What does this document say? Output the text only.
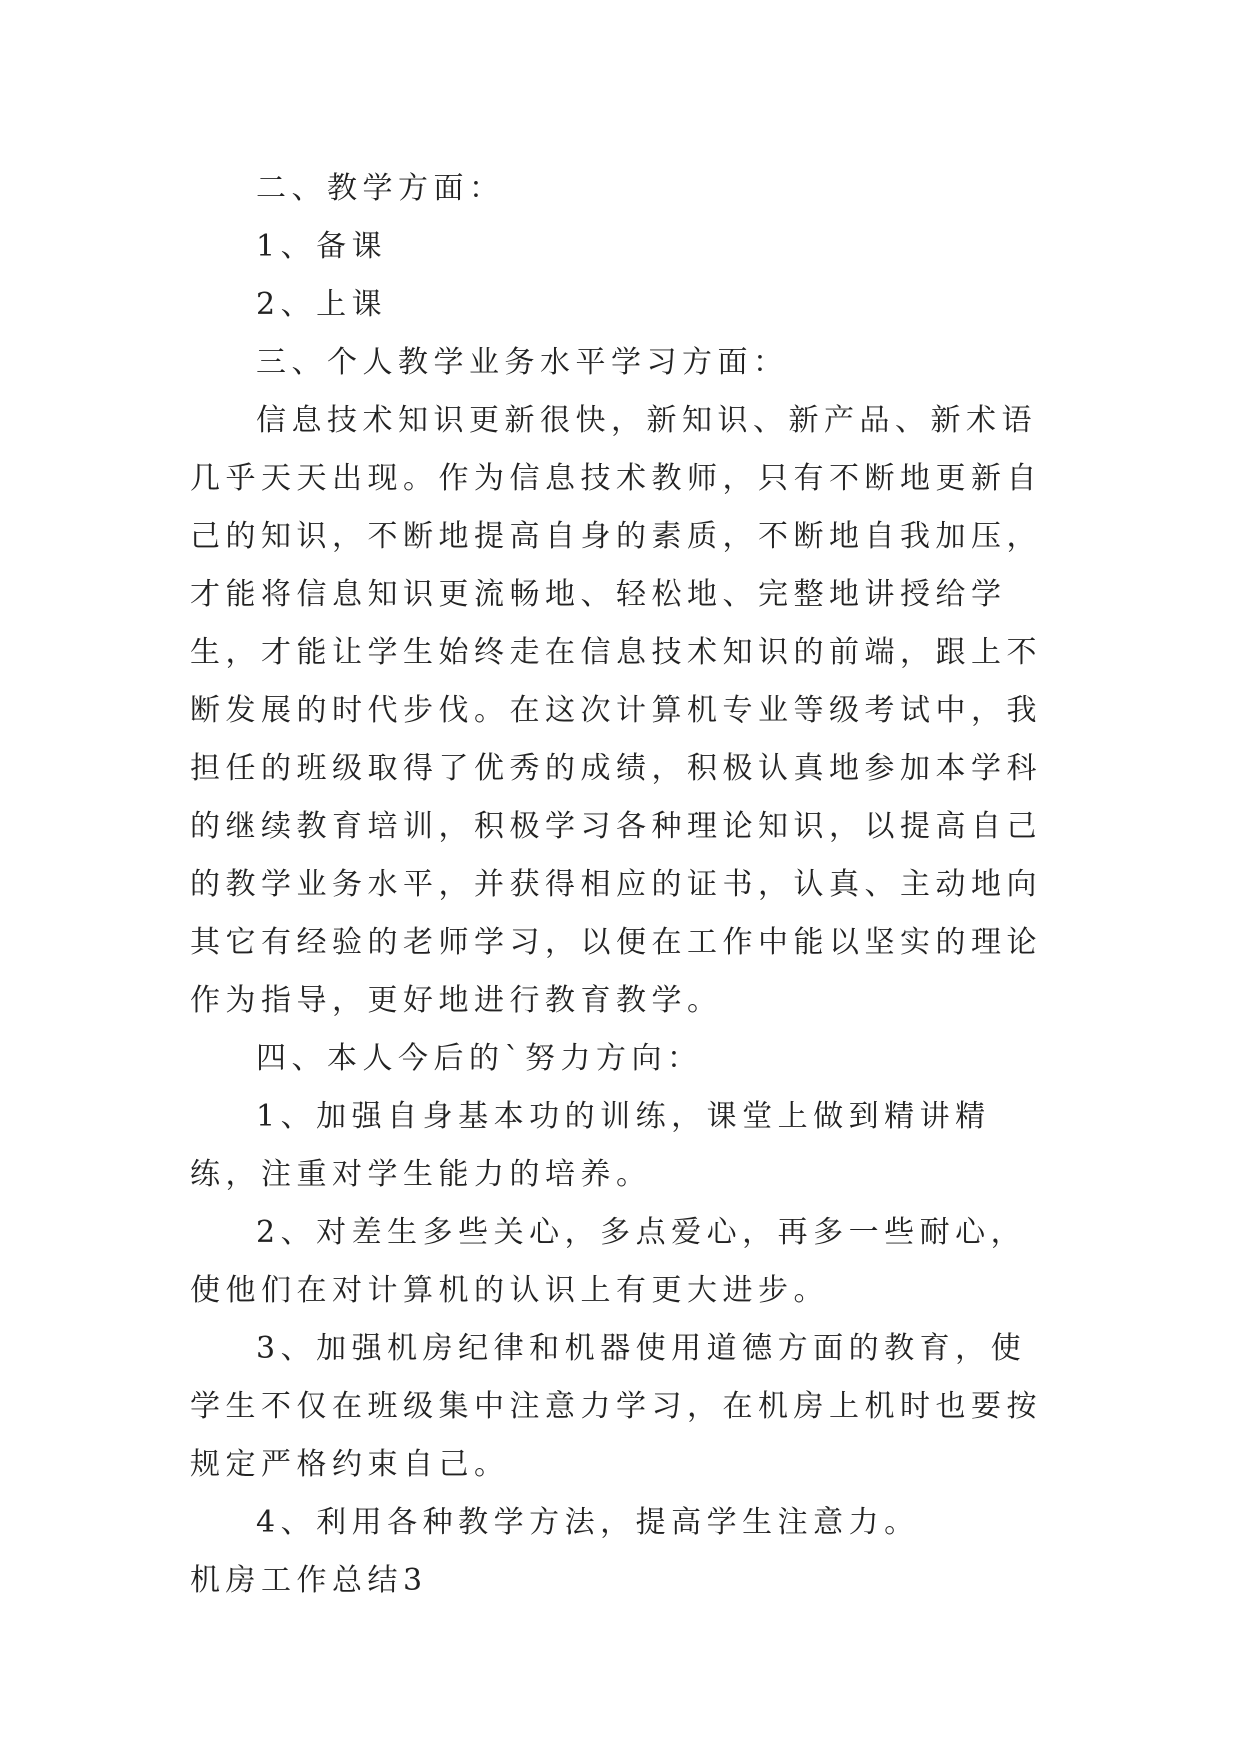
二、教学方面：

1、备课

2、上课

三、个人教学业务水平学习方面：

信息技术知识更新很快，新知识、新产品、新术语几乎天天出现。作为信息技术教师，只有不断地更新自己的知识，不断地提高自身的素质，不断地自我加压，才能将信息知识更流畅地、轻松地、完整地讲授给学生，才能让学生始终走在信息技术知识的前端，跟上不断发展的时代步伐。在这次计算机专业等级考试中，我担任的班级取得了优秀的成绩，积极认真地参加本学科的继续教育培训，积极学习各种理论知识，以提高自己的教学业务水平，并获得相应的证书，认真、主动地向其它有经验的老师学习，以便在工作中能以坚实的理论作为指导，更好地进行教育教学。

四、本人今后的`努力方向：

1、加强自身基本功的训练，课堂上做到精讲精练，注重对学生能力的培养。

2、对差生多些关心，多点爱心，再多一些耐心，使他们在对计算机的认识上有更大进步。

3、加强机房纪律和机器使用道德方面的教育，使学生不仅在班级集中注意力学习，在机房上机时也要按规定严格约束自己。

4、利用各种教学方法，提高学生注意力。

机房工作总结3
